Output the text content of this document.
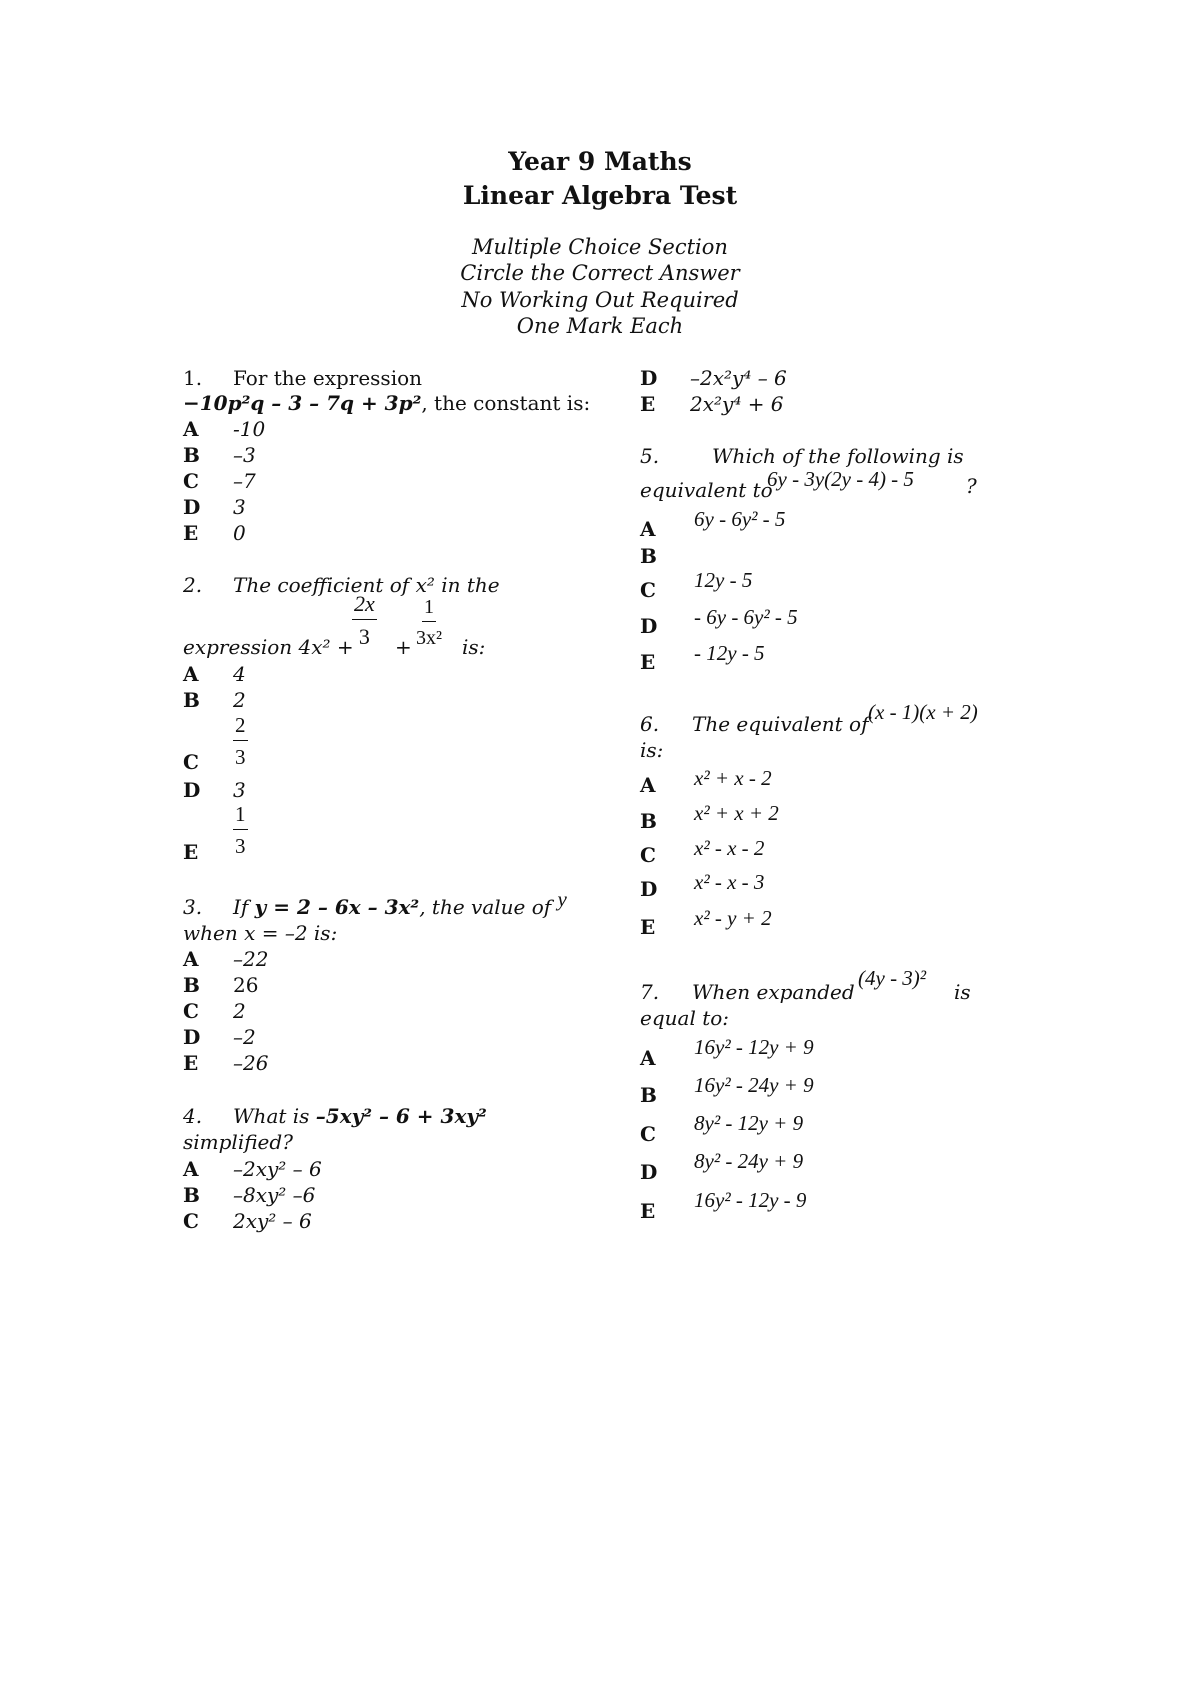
Year 9 Maths
Linear Algebra Test
Multiple Choice Section
Circle the Correct Answer
No Working Out Required
One Mark Each
1. For the expression
−10p²q – 3 – 7q + 3p², the constant is:
A -10
B –3
C –7
D 3
E 0
2. The coefficient of x² in the
expression 4x² +
$\frac{2x}{3} + \frac{1}{\text{3x²}}$ is:
A 4
B 2
$\frac{2}{3}$
C
D 3
$\frac{1}{3}$
E
3. If y = 2 – 6x – 3x², the value of y
when x = –2 is:
A –22
B 26
C 2
D –2
E –26
4. What is –5xy² – 6 + 3xy²
simplified?
A –2xy² – 6
B –8xy² –6
C 2xy² – 6
D –2x²y⁴ – 6
E 2x²y⁴ + 6
5.	Which of the following is
equivalent to
6y - 3y(2y - 4) - 5	?
A 6y - 6y² - 5
B
C 12y - 5
D - 6y - 6y² - 5
E - 12y - 5
6. The equivalent of (x - 1)(x + 2)
is:
A x² + x - 2
B x² + x + 2
C x² - x - 2
D x² - x - 3
E x² - y + 2
7. When expanded
(4y - 3)²
is
equal to:
A 16y² - 12y + 9
B 16y² - 24y + 9
C 8y² - 12y + 9
D 8y² - 24y + 9
E 16y² - 12y - 9
